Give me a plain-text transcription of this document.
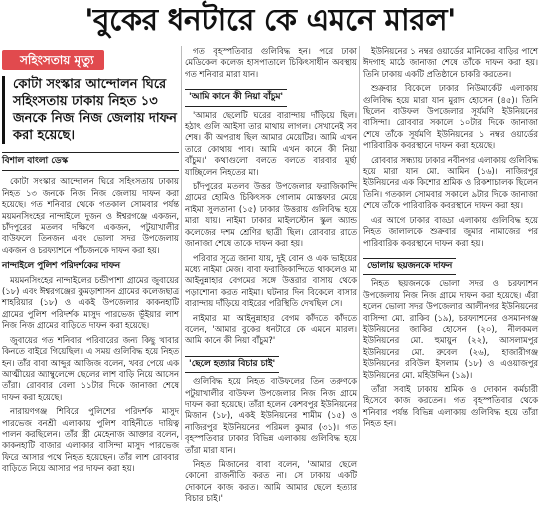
'বুকের ধনটারে কে এমনে মারল'
সহিংসতায় মৃত্যু
কোটা সংস্কার আন্দোলন ঘিরে সহিংসতায় ঢাকায় নিহত ১৩ জনকে নিজ নিজ জেলায় দাফন করা হয়েছে।
বিশাল বাংলা ডেস্ক

কোটা সংস্কার আন্দোলন ঘিরে সহিংসতায় ঢাকায় নিহত ১৩ জনকে নিজ নিজ জেলায় দাফন করা হয়েছে। গত শনিবার থেকে গতকাল সোমবার পর্যন্ত ময়মনসিংহের নান্দাইলে দুজন ও ঈশ্বরগঞ্জে একজন, চাঁদপুরের মতলব দক্ষিণে একজন, পটুয়াখালীর বাউফলে তিনজন এবং ভোলা সদর উপজেলায় একজন ও চরফ্যাশনে পাঁচজনকে দাফন করা হয়।

নান্দাইলে পুলিশ পরিদর্শকের দাফন

ময়মনসিংহের নান্দাইলের চন্ডীপাশা গ্রামের জুবায়ের (১৮) এবং ঈশ্বরগঞ্জের কুমড়াশাসন গ্রামের কলেজছাত্র শাহরিয়ার (১৮) ও একই উপজেলার কাকনহাটি গ্রামের পুলিশ পরিদর্শক মাসুদ পারভেজ ভূঁইয়ার লাশ নিজ নিজ গ্রামের বাড়িতে দাফন করা হয়েছে।

জুবায়ের গত শনিবার পরিবারের জন্য কিছু খাবার কিনতে বাইরে গিয়েছিল। এ সময় গুলিবিদ্ধ হয়ে নিহত হন। তাঁর বাবা আব্দুর আজিজ বলেন, খবর পেয়ে এক আত্মীয়ের অ্যাম্বুলেন্সে ছেলের লাশ বাড়ি নিয়ে আসেন তাঁরা। রোববার বেলা ১১টার দিকে জানাজা শেষে দাফন করা হয়েছে।

নারায়ণগঞ্জ শিবিরে পুলিশের পরিদর্শক মাসুদ পারভেজ বনশ্রী এলাকায় পুলিশ বাহিনীতে দায়িত্ব পালন করছিলেন। তাঁর স্ত্রী মেহেনাজ আক্তার বলেন, কাকনহাটি বাজার এলাকার বাসিন্দা মাসুদ পারভেজ ফিরে আসার পথে নিহত হয়েছেন। তাঁর লাশ রোববার বাড়িতে নিয়ে আসার পর দাফন করা হয়।

গত বৃহস্পতিবার গুলিবিদ্ধ হন। পরে ঢাকা মেডিকেল কলেজ হাসপাতালে চিকিৎসাধীন অবস্থায় গত শনিবার মারা যান।

'আমি কানে কী নিয়া বাঁচুম'

'আমার ছেলেটি ঘরের বারান্দায় দাঁড়িয়ে ছিল। হঠাৎ গুলি আইসা তার মাথায় লাগল। সেখানেই সব শেষ। কী অপরাধ ছিল আমার মেয়েটির। আমি এখন তারে কোথায় পাব। আমি এখন কানে কী নিয়া বাঁচুম।' কথাগুলো বলতে বলতে বারবার মূর্ছা যাচ্ছিলেন নিহতের মা।

চাঁদপুরের মতলব উত্তর উপজেলার ফরাজিকান্দি গ্রামের হোমিও চিকিৎসক গোলাম মোস্তফার মেয়ে নাইমা সুলতানা (১৫) ঢাকার উত্তরায় গুলিবিদ্ধ হয়ে মারা যায়। নাইমা ঢাকার মাইলস্টোন স্কুল অ্যান্ড কলেজের দশম শ্রেণির ছাত্রী ছিল। রোববার রাতে জানাজা শেষে তাকে দাফন করা হয়।

পরিবার সূত্রে জানা যায়, দুই বোন ও এক ভাইয়ের মধ্যে নাইমা মেজ। বাবা ফরাজিকান্দিতে থাকলেও মা আইনুন্নাহার বেগমের সঙ্গে উত্তরার বাসায় থেকে পড়াশোনা করত নাইমা। ঘটনার দিন বিকেলে বাসার বারান্দায় দাঁড়িয়ে বাইরের পরিস্থিতি দেখছিল সে।

নাইমার মা আইনুন্নাহার বেগম কাঁদতে কাঁদতে বলেন, 'আমার বুকের ধনটারে কে এমনে মারল। আমি কানে কী নিয়া বাঁচুম?'

'ছেলে হত্যার বিচার চাই'

গুলিবিদ্ধ হয়ে নিহত বাউফলের তিন তরুণকে পটুয়াখালীর বাউফল উপজেলার নিজ নিজ গ্রামে দাফন করা হয়েছে। তাঁরা হলেন কেশবপুর ইউনিয়নের মিজান (১৮), একই ইউনিয়নের শামীম (১৫) ও নাজিরপুর ইউনিয়নের পরিমল কুমার (৩১)। গত বৃহস্পতিবার ঢাকার বিভিন্ন এলাকায় গুলিবিদ্ধ হয়ে তাঁরা মারা যান।

নিহত মিজানের বাবা বলেন, 'আমার ছেলে কোনো রাজনীতি করত না। সে ঢাকায় একটি দোকানে কাজ করত। আমি আমার ছেলে হত্যার বিচার চাই।'

ইউনিয়নের ১ নম্বর ওয়ার্ডের মানিকের বাড়ির পাশে ঈদগাহ মাঠে জানাজা শেষে তাঁকে দাফন করা হয়। তিনি ঢাকায় একটি প্রতিষ্ঠানে চাকরি করতেন।

শুক্রবার বিকেলে ঢাকার নিউমার্কেট এলাকায় গুলিবিদ্ধ হয়ে মারা যান মুরাদ হোসেন (৪৫)। তিনি ছিলেন বাউফল উপজেলার সূর্যমণি ইউনিয়নের বাসিন্দা। রোববার সকালে ১০টার দিকে জানাজা শেষে তাঁকে সূর্যমণি ইউনিয়নের ১ নম্বর ওয়ার্ডের পারিবারিক কবরস্থানে দাফন করা হয়েছে।

রোববার সন্ধ্যায় ঢাকার নবীনগর এলাকায় গুলিবিদ্ধ হয়ে মারা যান মো. আমিন (১৬)। নাজিরপুর ইউনিয়নের এক কিশোর শ্রমিক ও রিকশাচালক ছিলেন তিনি। গতকাল সোমবার সকালে ৯টার দিকে জানাজা শেষে তাঁকে পারিবারিক কবরস্থানে দাফন করা হয়।

এর আগে ঢাকার বাড্ডা এলাকায় গুলিবিদ্ধ হয়ে নিহত জালালকে শুক্রবার জুমার নামাজের পর পারিবারিক কবরস্থানে দাফন করা হয়।

ভোলায় ছয়জনকে দাফন

নিহত ছয়জনকে ভোলা সদর ও চরফ্যাশন উপজেলায় নিজ নিজ গ্রামে দাফন করা হয়েছে। এঁরা হলেন ভোলা সদর উপজেলার আলীনগর ইউনিয়নের বাসিন্দা মো. রাকিব (১৯), চরফ্যাশনের ওসমানগঞ্জ ইউনিয়নের জাকির হোসেন (২০), নীলকমল ইউনিয়নের মো. হুমায়ুন (২২), আসলামপুর ইউনিয়নের মো. রুবেল (২৬), হাজারীগঞ্জ ইউনিয়নের রবিউল ইসলাম (১৮) ও এওয়াজপুর ইউনিয়নের মো. মহিউদ্দিন (১৯)।

তাঁরা সবাই ঢাকায় শ্রমিক ও দোকান কর্মচারী হিসেবে কাজ করতেন। গত বৃহস্পতিবার থেকে শনিবার পর্যন্ত বিভিন্ন এলাকায় গুলিবিদ্ধ হয়ে তাঁরা নিহত হন।
